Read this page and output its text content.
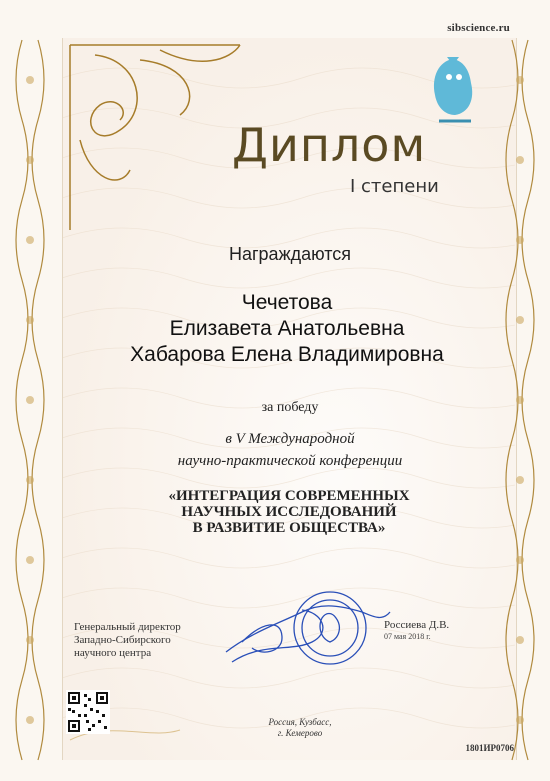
sibscience.ru
Диплом
I степени
Награждаются
Чечетова
Елизавета Анатольевна
Хабарова Елена Владимировна
за победу
в V Международной
научно-практической конференции
«ИНТЕГРАЦИЯ СОВРЕМЕННЫХ
НАУЧНЫХ ИССЛЕДОВАНИЙ
В РАЗВИТИЕ ОБЩЕСТВА»
Генеральный директор
Западно-Сибирского
научного центра
Россиева Д.В.
07 мая 2018 г.
Россия, Кузбасс,
г. Кемерово
1801ИР0706
